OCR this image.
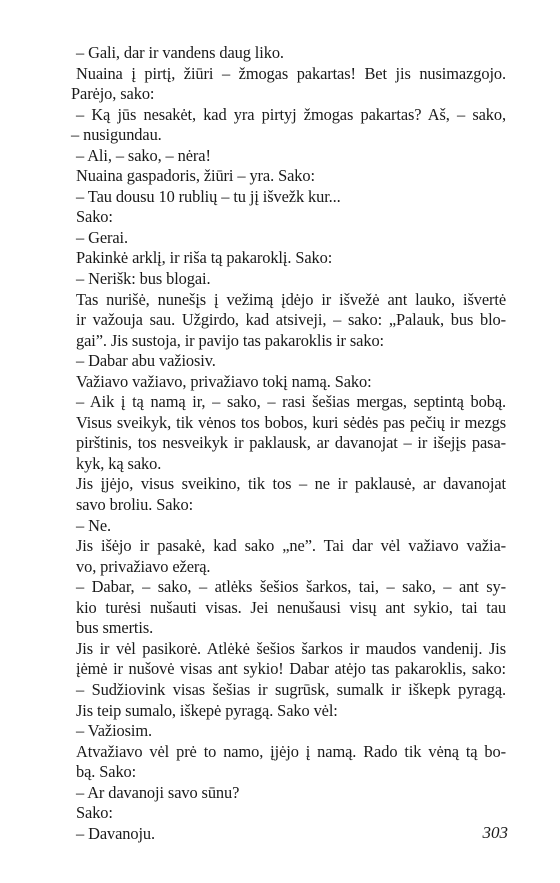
– Gali, dar ir vandens daug liko.
Nuaina į pirtį, žiūri – žmogas pakartas! Bet jis nusimazgojo.
Parėjo, sako:
– Ką jūs nesakėt, kad yra pirtyj žmogas pakartas? Aš, – sako,
– nusigundau.
– Ali, – sako, – nėra!
Nuaina gaspadoris, žiūri – yra. Sako:
– Tau dousu 10 rublių – tu jį išvežk kur...
Sako:
– Gerai.
Pakinkė arklį, ir riša tą pakaroklį. Sako:
– Nerišk: bus blogai.
Tas nurišė, nunešįs į vežimą įdėjo ir išvežė ant lauko, išvertė
ir važouja sau. Užgirdo, kad atsiveji, – sako: „Palauk, bus blo-
gai”. Jis sustoja, ir pavijo tas pakaroklis ir sako:
– Dabar abu važiosiv.
Važiavo važiavo, privažiavo tokį namą. Sako:
– Aik į tą namą ir, – sako, – rasi šešias mergas, septintą bobą.
Visus sveikyk, tik vėnos tos bobos, kuri sėdės pas pečių ir mezgs
pirštinis, tos nesveikyk ir paklausk, ar davanojat – ir išejįs pasa-
kyk, ką sako.
Jis įjėjo, visus sveikino, tik tos – ne ir paklausė, ar davanojat
savo broliu. Sako:
– Ne.
Jis išėjo ir pasakė, kad sako „ne”. Tai dar vėl važiavo važia-
vo, privažiavo ežerą.
– Dabar, – sako, – atlėks šešios šarkos, tai, – sako, – ant sy-
kio turėsi nušauti visas. Jei nenušausi visų ant sykio, tai tau
bus smertis.
Jis ir vėl pasikorė. Atlėkė šešios šarkos ir maudos vandenij. Jis
įėmė ir nušovė visas ant sykio! Dabar atėjo tas pakaroklis, sako:
– Sudžiovink visas šešias ir sugrūsk, sumalk ir iškepk pyragą.
Jis teip sumalo, iškepė pyragą. Sako vėl:
– Važiosim.
Atvažiavo vėl prė to namo, įjėjo į namą. Rado tik vėną tą bo-
bą. Sako:
– Ar davanoji savo sūnu?
Sako:
– Davanoju.	303
